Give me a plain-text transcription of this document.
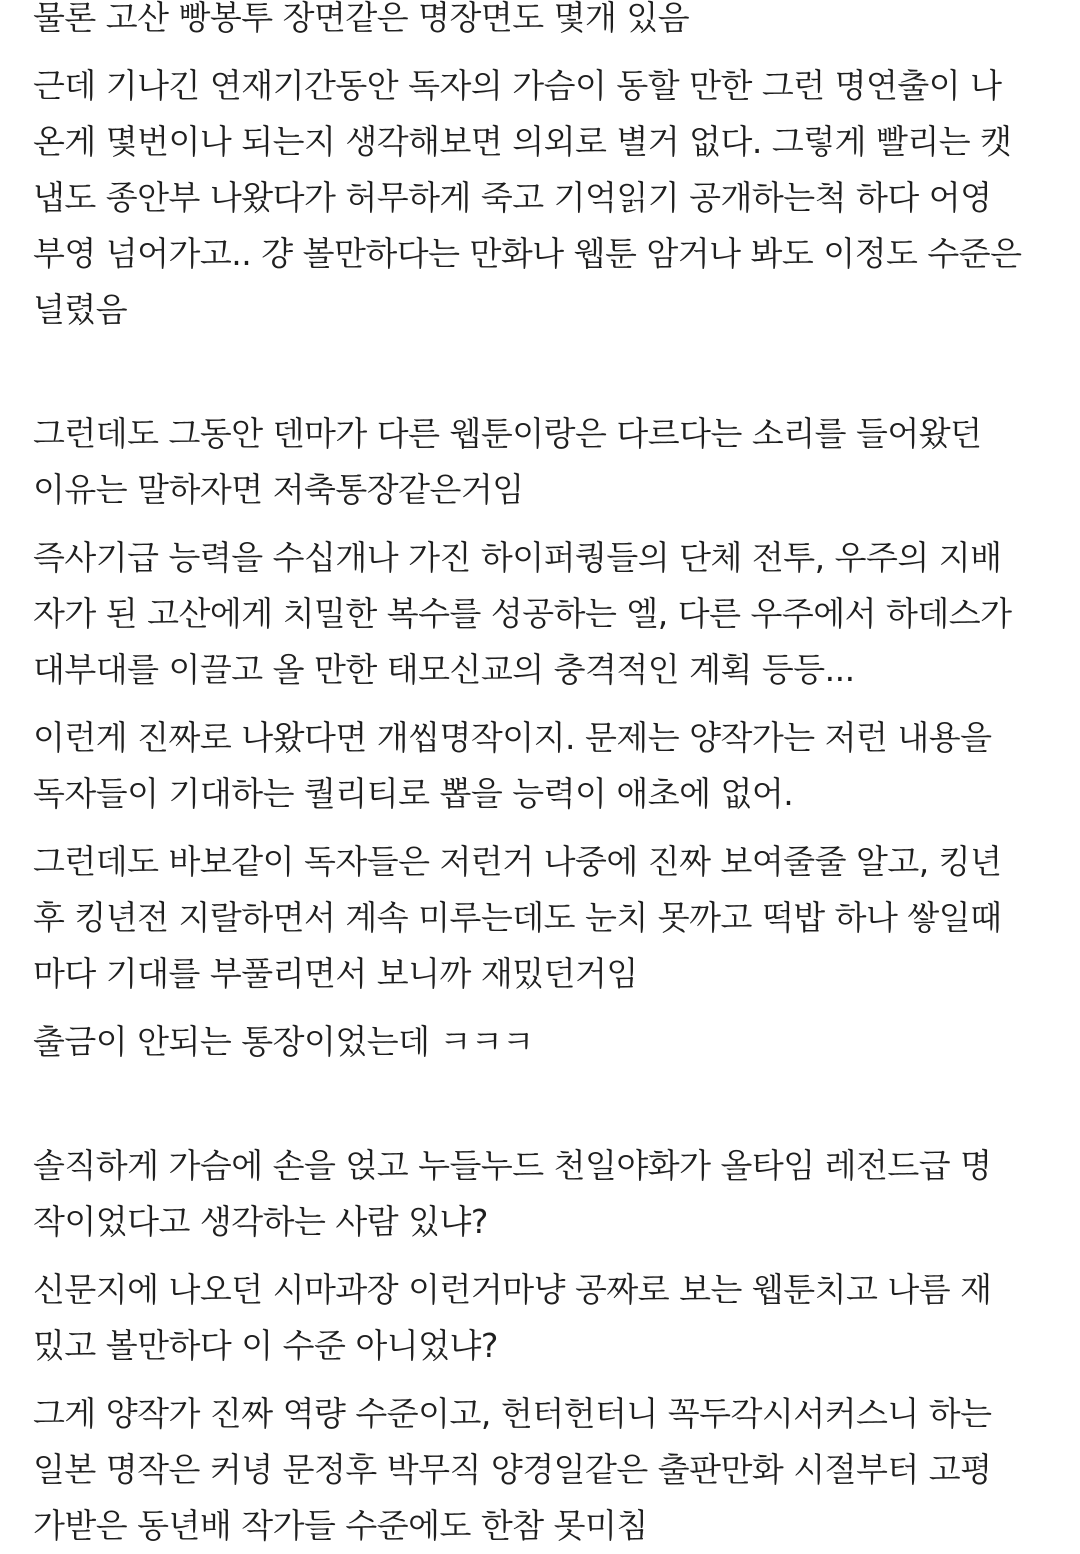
물론 고산 빵봉투 장면같은 명장면도 몇개 있음
근데 기나긴 연재기간동안 독자의 가슴이 동할 만한 그런 명연출이 나
온게 몇번이나 되는지 생각해보면 의외로 별거 없다. 그렇게 빨리는 캣
냅도 종안부 나왔다가 허무하게 죽고 기억읽기 공개하는척 하다 어영
부영 넘어가고.. 걍 볼만하다는 만화나 웹툰 암거나 봐도 이정도 수준은
널렸음
그런데도 그동안 덴마가 다른 웹툰이랑은 다르다는 소리를 들어왔던
이유는 말하자면 저축통장같은거임
즉사기급 능력을 수십개나 가진 하이퍼퀑들의 단체 전투, 우주의 지배
자가 된 고산에게 치밀한 복수를 성공하는 엘, 다른 우주에서 하데스가
대부대를 이끌고 올 만한 태모신교의 충격적인 계획 등등...
이런게 진짜로 나왔다면 개씹명작이지. 문제는 양작가는 저런 내용을
독자들이 기대하는 퀄리티로 뽑을 능력이 애초에 없어.
그런데도 바보같이 독자들은 저런거 나중에 진짜 보여줄줄 알고, 킹년
후 킹년전 지랄하면서 계속 미루는데도 눈치 못까고 떡밥 하나 쌓일때
마다 기대를 부풀리면서 보니까 재밌던거임
출금이 안되는 통장이었는데 ㅋㅋㅋ
솔직하게 가슴에 손을 얹고 누들누드 천일야화가 올타임 레전드급 명
작이었다고 생각하는 사람 있냐?
신문지에 나오던 시마과장 이런거마냥 공짜로 보는 웹툰치고 나름 재
밌고 볼만하다 이 수준 아니었냐?
그게 양작가 진짜 역량 수준이고, 헌터헌터니 꼭두각시서커스니 하는
일본 명작은 커녕 문정후 박무직 양경일같은 출판만화 시절부터 고평
가받은 동년배 작가들 수준에도 한참 못미침
